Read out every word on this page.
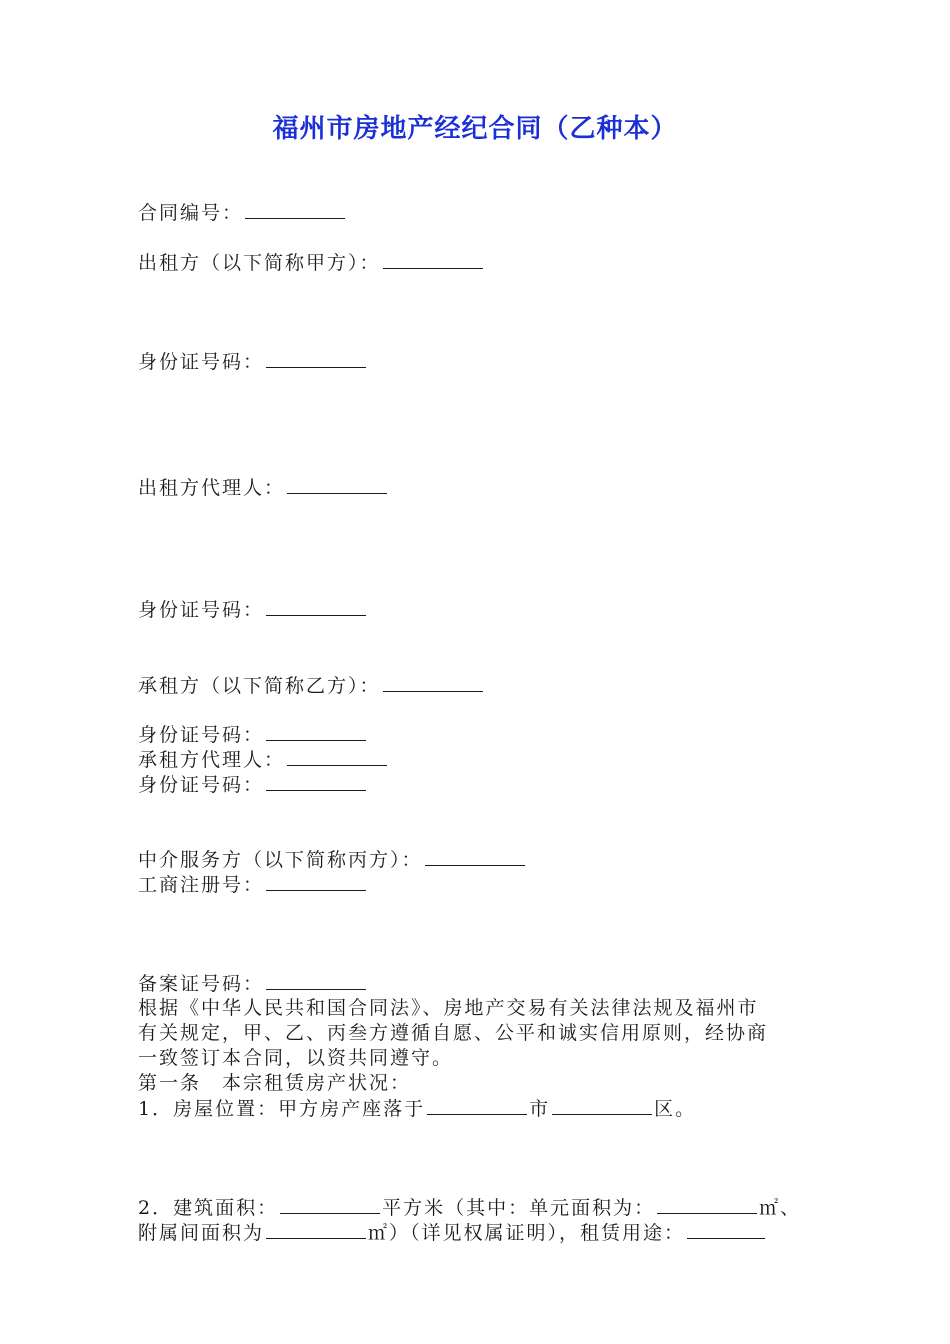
福州市房地产经纪合同（乙种本）
合同编号：
出租方（以下简称甲方）：
身份证号码：
出租方代理人：
身份证号码：
承租方（以下简称乙方）：
身份证号码：
承租方代理人：
身份证号码：
中介服务方（以下简称丙方）：
工商注册号：
备案证号码：
根据《中华人民共和国合同法》、房地产交易有关法律法规及福州市
有关规定，甲、乙、丙叁方遵循自愿、公平和诚实信用原则，经协商
一致签订本合同，以资共同遵守。
第一条　本宗租赁房产状况：
1．房屋位置：甲方房产座落于	市	区。
2．建筑面积：	平方米（其中：单元面积为：	㎡、
附属间面积为	㎡）（详见权属证明），租赁用途：
